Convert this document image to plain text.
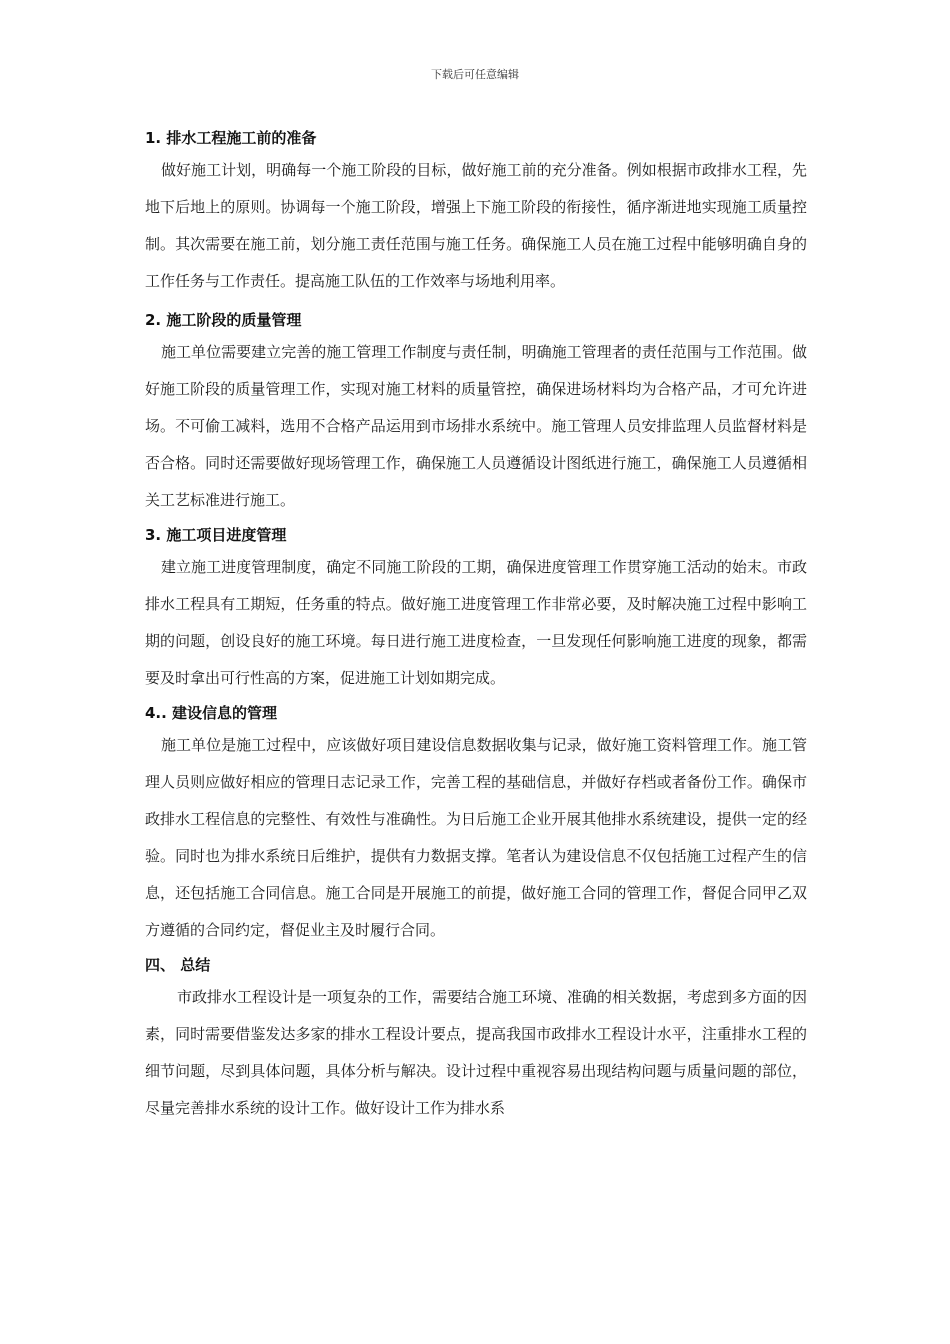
下载后可任意编辑
1. 排水工程施工前的准备

做好施工计划，明确每一个施工阶段的目标，做好施工前的充分准备。例如根据市政排水工程，先地下后地上的原则。协调每一个施工阶段，增强上下施工阶段的衔接性，循序渐进地实现施工质量控制。其次需要在施工前，划分施工责任范围与施工任务。确保施工人员在施工过程中能够明确自身的工作任务与工作责任。提高施工队伍的工作效率与场地利用率。

2. 施工阶段的质量管理

施工单位需要建立完善的施工管理工作制度与责任制，明确施工管理者的责任范围与工作范围。做好施工阶段的质量管理工作，实现对施工材料的质量管控，确保进场材料均为合格产品，才可允许进场。不可偷工减料，选用不合格产品运用到市场排水系统中。施工管理人员安排监理人员监督材料是否合格。同时还需要做好现场管理工作，确保施工人员遵循设计图纸进行施工，确保施工人员遵循相关工艺标准进行施工。

3. 施工项目进度管理

建立施工进度管理制度，确定不同施工阶段的工期，确保进度管理工作贯穿施工活动的始末。市政排水工程具有工期短，任务重的特点。做好施工进度管理工作非常必要，及时解决施工过程中影响工期的问题，创设良好的施工环境。每日进行施工进度检查，一旦发现任何影响施工进度的现象，都需要及时拿出可行性高的方案，促进施工计划如期完成。

4.. 建设信息的管理

施工单位是施工过程中，应该做好项目建设信息数据收集与记录，做好施工资料管理工作。施工管理人员则应做好相应的管理日志记录工作，完善工程的基础信息，并做好存档或者备份工作。确保市政排水工程信息的完整性、有效性与准确性。为日后施工企业开展其他排水系统建设，提供一定的经验。同时也为排水系统日后维护，提供有力数据支撑。笔者认为建设信息不仅包括施工过程产生的信息，还包括施工合同信息。施工合同是开展施工的前提，做好施工合同的管理工作，督促合同甲乙双方遵循的合同约定，督促业主及时履行合同。

四、 总结

市政排水工程设计是一项复杂的工作，需要结合施工环境、准确的相关数据，考虑到多方面的因素，同时需要借鉴发达多家的排水工程设计要点，提高我国市政排水工程设计水平，注重排水工程的细节问题，尽到具体问题，具体分析与解决。设计过程中重视容易出现结构问题与质量问题的部位，尽量完善排水系统的设计工作。做好设计工作为排水系
